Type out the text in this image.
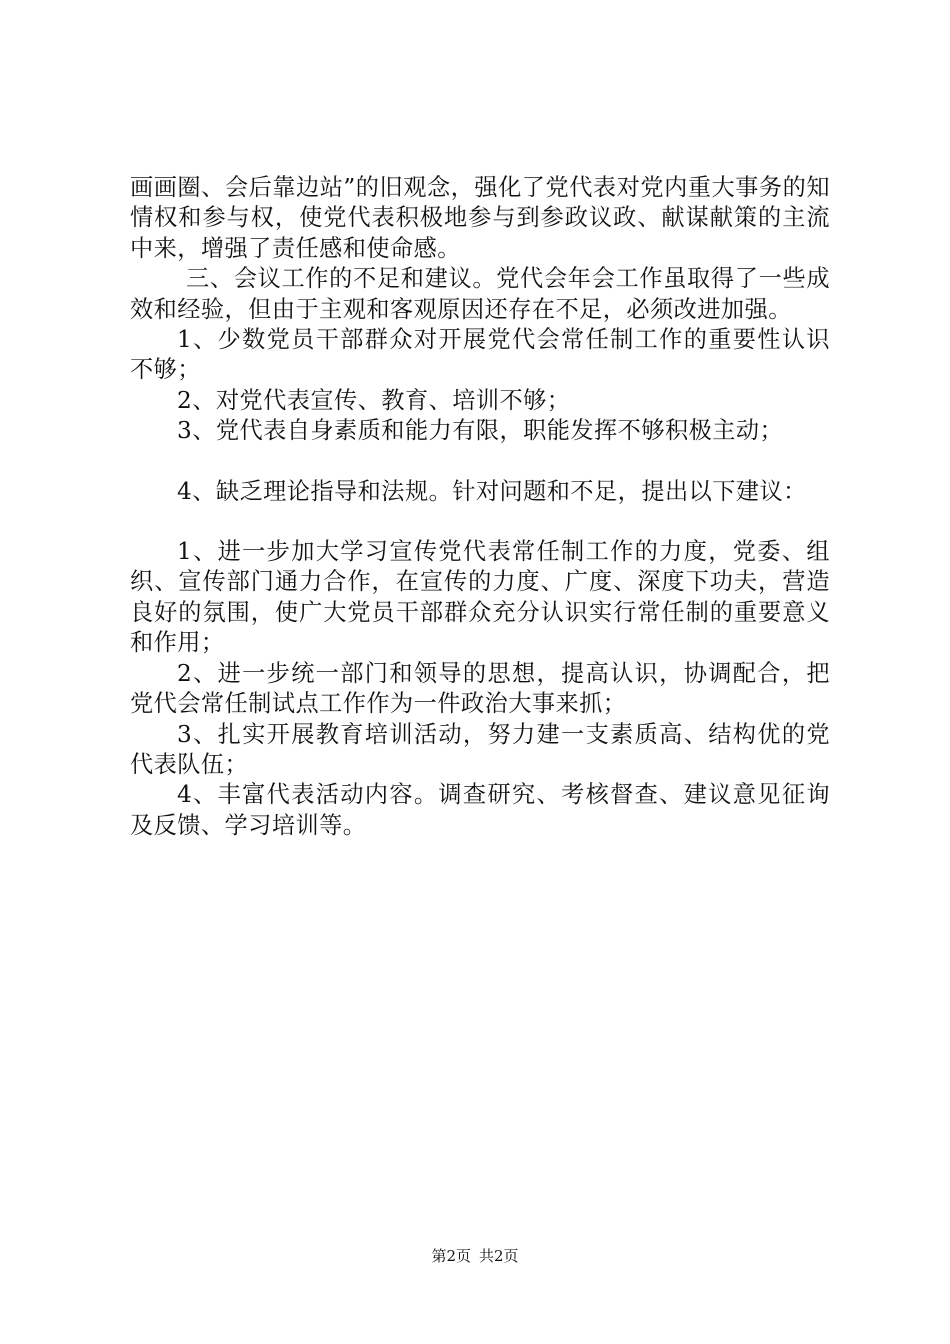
画画圈、会后靠边站”的旧观念，强化了党代表对党内重大事务的知情权和参与权，使党代表积极地参与到参政议政、献谋献策的主流中来，增强了责任感和使命感。

三、会议工作的不足和建议。党代会年会工作虽取得了一些成效和经验，但由于主观和客观原因还存在不足，必须改进加强。

1、少数党员干部群众对开展党代会常任制工作的重要性认识不够；

2、对党代表宣传、教育、培训不够；

3、党代表自身素质和能力有限，职能发挥不够积极主动；

4、缺乏理论指导和法规。针对问题和不足，提出以下建议：

1、进一步加大学习宣传党代表常任制工作的力度，党委、组织、宣传部门通力合作，在宣传的力度、广度、深度下功夫，营造良好的氛围，使广大党员干部群众充分认识实行常任制的重要意义和作用；

2、进一步统一部门和领导的思想，提高认识，协调配合，把党代会常任制试点工作作为一件政治大事来抓；

3、扎实开展教育培训活动，努力建一支素质高、结构优的党代表队伍；

4、丰富代表活动内容。调查研究、考核督查、建议意见征询及反馈、学习培训等。

第2页 共2页
